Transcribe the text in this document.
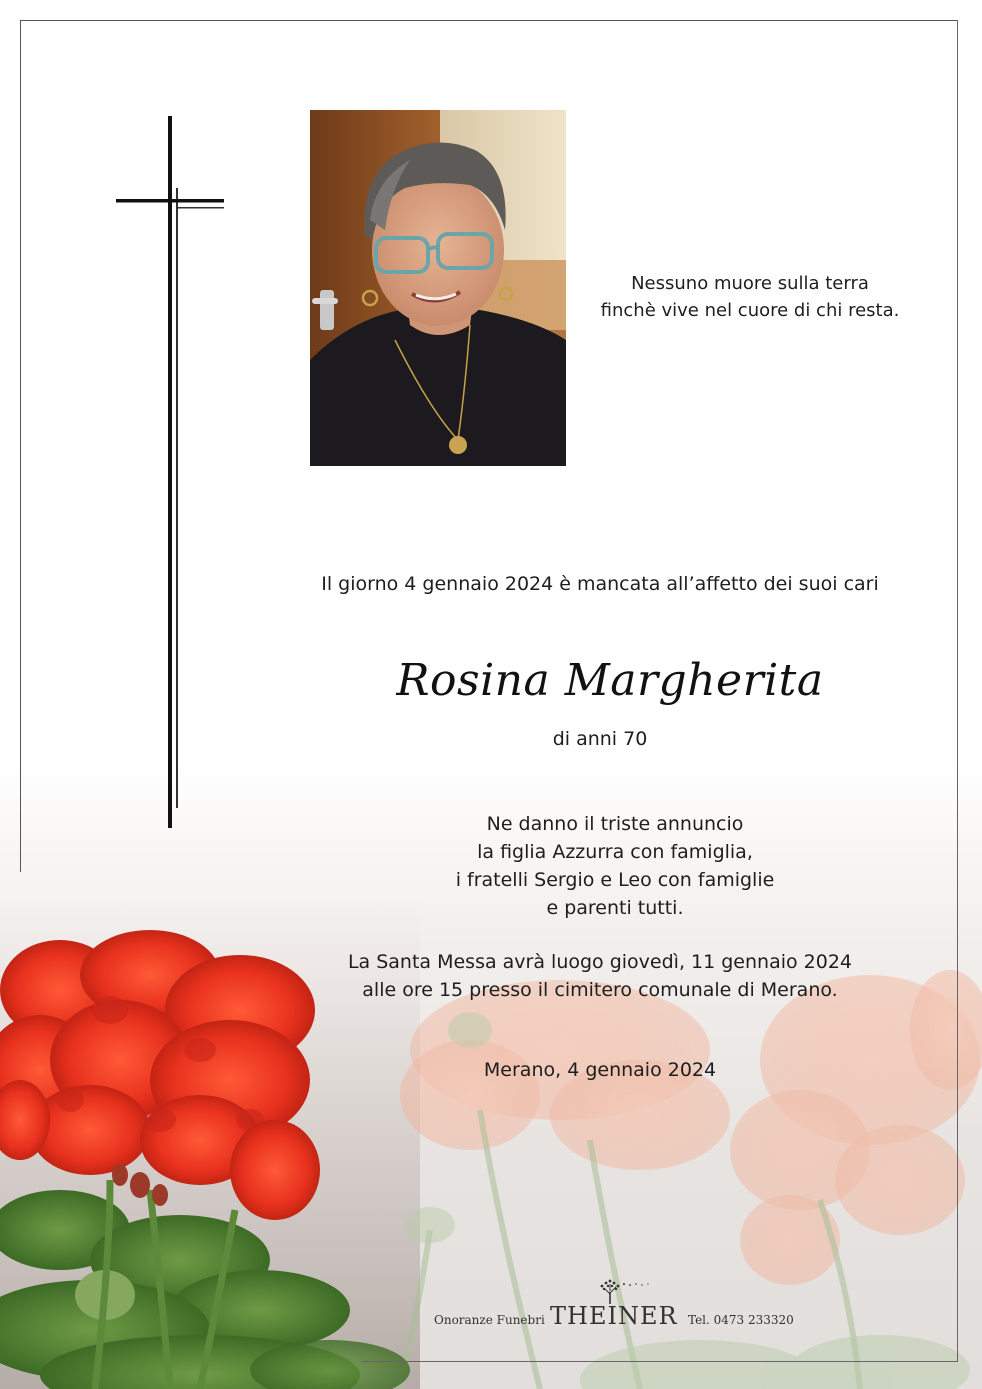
Nessuno muore sulla terra
finchè vive nel cuore di chi resta.
Il giorno 4 gennaio 2024 è mancata all’affetto dei suoi cari
Rosina Margherita
di anni 70
Ne danno il triste annuncio
la figlia Azzurra con famiglia,
i fratelli Sergio e Leo con famiglie
e parenti tutti.
La Santa Messa avrà luogo giovedì, 11 gennaio 2024
alle ore 15 presso il cimitero comunale di Merano.
Merano, 4 gennaio 2024
Onoranze Funebri THEINER Tel. 0473 233320
